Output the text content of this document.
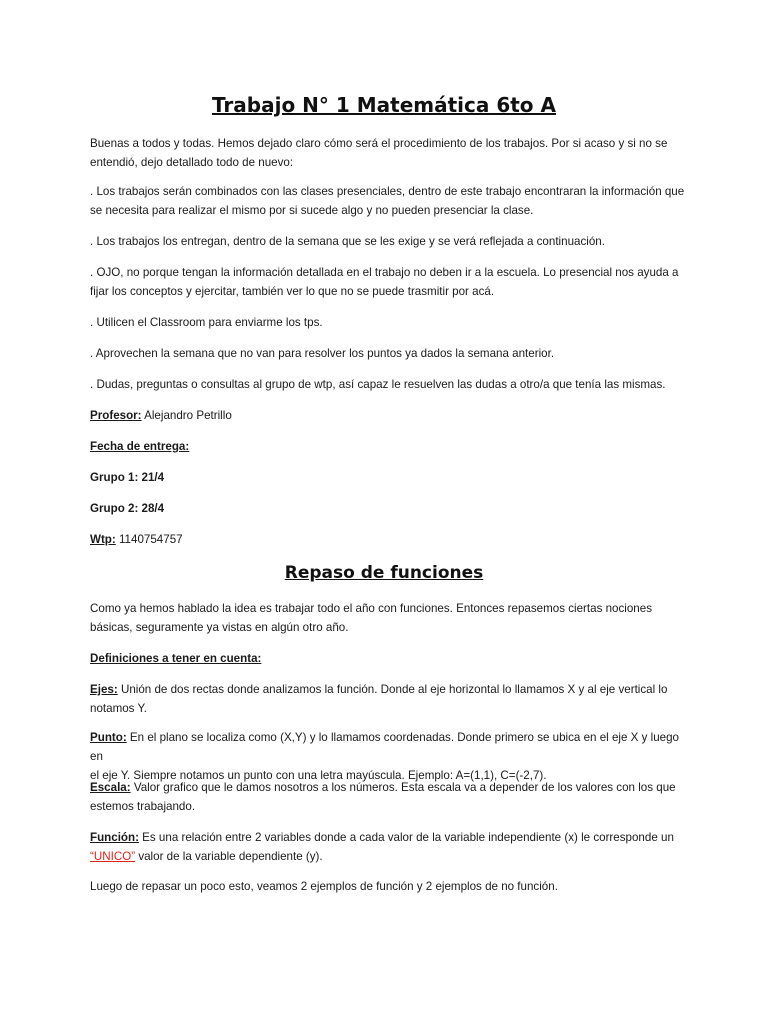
Trabajo N° 1 Matemática 6to A
Buenas a todos y todas. Hemos dejado claro cómo será el procedimiento de los trabajos. Por si acaso y si no se
entendió, dejo detallado todo de nuevo:
. Los trabajos serán combinados con las clases presenciales, dentro de este trabajo encontraran la información que
se necesita para realizar el mismo por si sucede algo y no pueden presenciar la clase.
. Los trabajos los entregan, dentro de la semana que se les exige y se verá reflejada a continuación.
. OJO, no porque tengan la información detallada en el trabajo no deben ir a la escuela. Lo presencial nos ayuda a
fijar los conceptos y ejercitar, también ver lo que no se puede trasmitir por acá.
. Utilicen el Classroom para enviarme los tps.
. Aprovechen la semana que no van para resolver los puntos ya dados la semana anterior.
. Dudas, preguntas o consultas al grupo de wtp, así capaz le resuelven las dudas a otro/a que tenía las mismas.
Profesor: Alejandro Petrillo
Fecha de entrega:
Grupo 1: 21/4
Grupo 2: 28/4
Wtp: 1140754757
Repaso de funciones
Como ya hemos hablado la idea es trabajar todo el año con funciones. Entonces repasemos ciertas nociones
básicas, seguramente ya vistas en algún otro año.
Definiciones a tener en cuenta:
Ejes: Unión de dos rectas donde analizamos la función. Donde al eje horizontal lo llamamos X y al eje vertical lo
notamos Y.
Punto: En el plano se localiza como (X,Y) y lo llamamos coordenadas. Donde primero se ubica en el eje X y luego en
el eje Y. Siempre notamos un punto con una letra mayúscula. Ejemplo: A=(1,1), C=(-2,7).
Escala: Valor grafico que le damos nosotros a los números. Esta escala va a depender de los valores con los que
estemos trabajando.
Función: Es una relación entre 2 variables donde a cada valor de la variable independiente (x) le corresponde un
“UNICO” valor de la variable dependiente (y).
Luego de repasar un poco esto, veamos 2 ejemplos de función y 2 ejemplos de no función.
